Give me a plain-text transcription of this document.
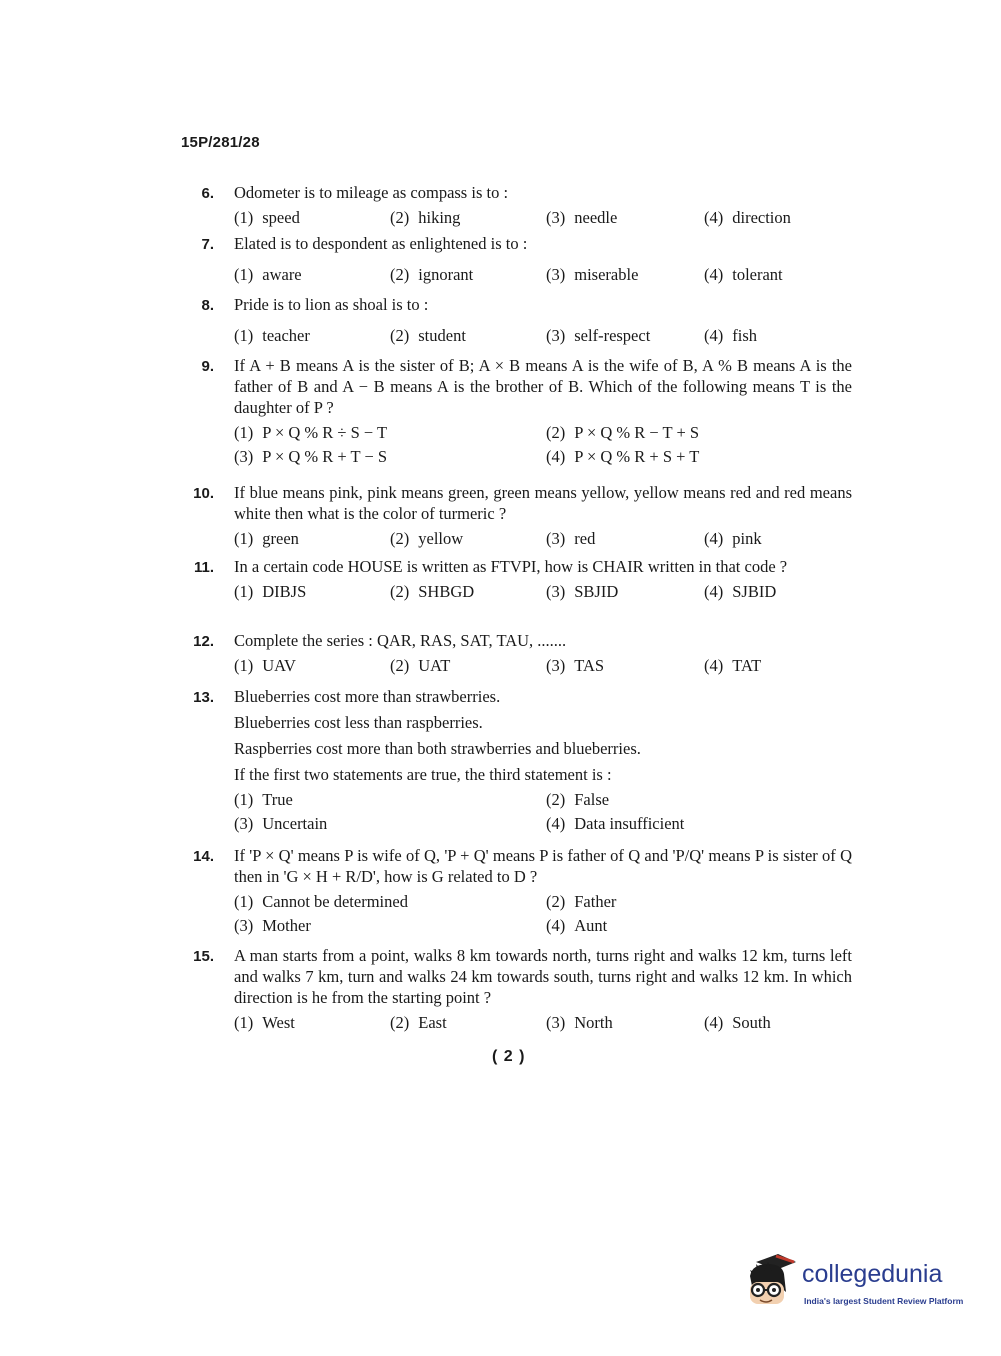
15P/281/28
6. Odometer is to mileage as compass is to :
(1) speed	(2) hiking	(3) needle	(4) direction
7. Elated is to despondent as enlightened is to :
(1) aware	(2) ignorant	(3) miserable	(4) tolerant
8. Pride is to lion as shoal is to :
(1) teacher	(2) student	(3) self-respect	(4) fish
9. If A + B means A is the sister of B; A × B means A is the wife of B, A % B means A is the father of B and A − B means A is the brother of B. Which of the following means T is the daughter of P ?
(1) P × Q % R ÷ S − T	(2) P × Q % R − T + S
(3) P × Q % R + T − S	(4) P × Q % R + S + T
10. If blue means pink, pink means green, green means yellow, yellow means red and red means white then what is the color of turmeric ?
(1) green	(2) yellow	(3) red	(4) pink
11. In a certain code HOUSE is written as FTVPI, how is CHAIR written in that code ?
(1) DIBJS	(2) SHBGD	(3) SBJID	(4) SJBID
12. Complete the series : QAR, RAS, SAT, TAU, .......
(1) UAV	(2) UAT	(3) TAS	(4) TAT
13. Blueberries cost more than strawberries.
Blueberries cost less than raspberries.
Raspberries cost more than both strawberries and blueberries.
If the first two statements are true, the third statement is :
(1) True	(2) False
(3) Uncertain	(4) Data insufficient
14. If 'P × Q' means P is wife of Q, 'P + Q' means P is father of Q and 'P/Q' means P is sister of Q then in 'G × H + R/D', how is G related to D ?
(1) Cannot be determined	(2) Father
(3) Mother	(4) Aunt
15. A man starts from a point, walks 8 km towards north, turns right and walks 12 km, turns left and walks 7 km, turn and walks 24 km towards south, turns right and walks 12 km. In which direction is he from the starting point ?
(1) West	(2) East	(3) North	(4) South
( 2 )
collegedunia
India's largest Student Review Platform
